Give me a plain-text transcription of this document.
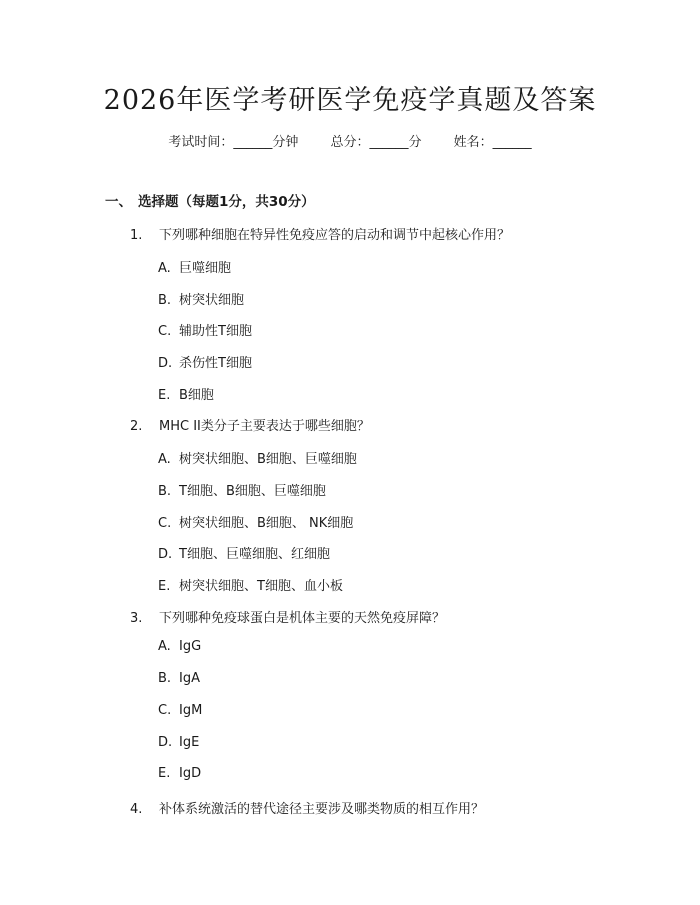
2026年医学考研医学免疫学真题及答案
考试时间：______分钟 总分：______分 姓名：______
一、 选择题（每题1分，共30分）
1. 下列哪种细胞在特异性免疫应答的启动和调节中起核心作用？
A. 巨噬细胞
B. 树突状细胞
C. 辅助性T细胞
D. 杀伤性T细胞
E. B细胞
2. MHC II类分子主要表达于哪些细胞？
A. 树突状细胞、B细胞、巨噬细胞
B. T细胞、B细胞、巨噬细胞
C. 树突状细胞、B细胞、 NK细胞
D. T细胞、巨噬细胞、红细胞
E. 树突状细胞、T细胞、血小板
3. 下列哪种免疫球蛋白是机体主要的天然免疫屏障？
A. IgG
B. IgA
C. IgM
D. IgE
E. IgD
4. 补体系统激活的替代途径主要涉及哪类物质的相互作用？
